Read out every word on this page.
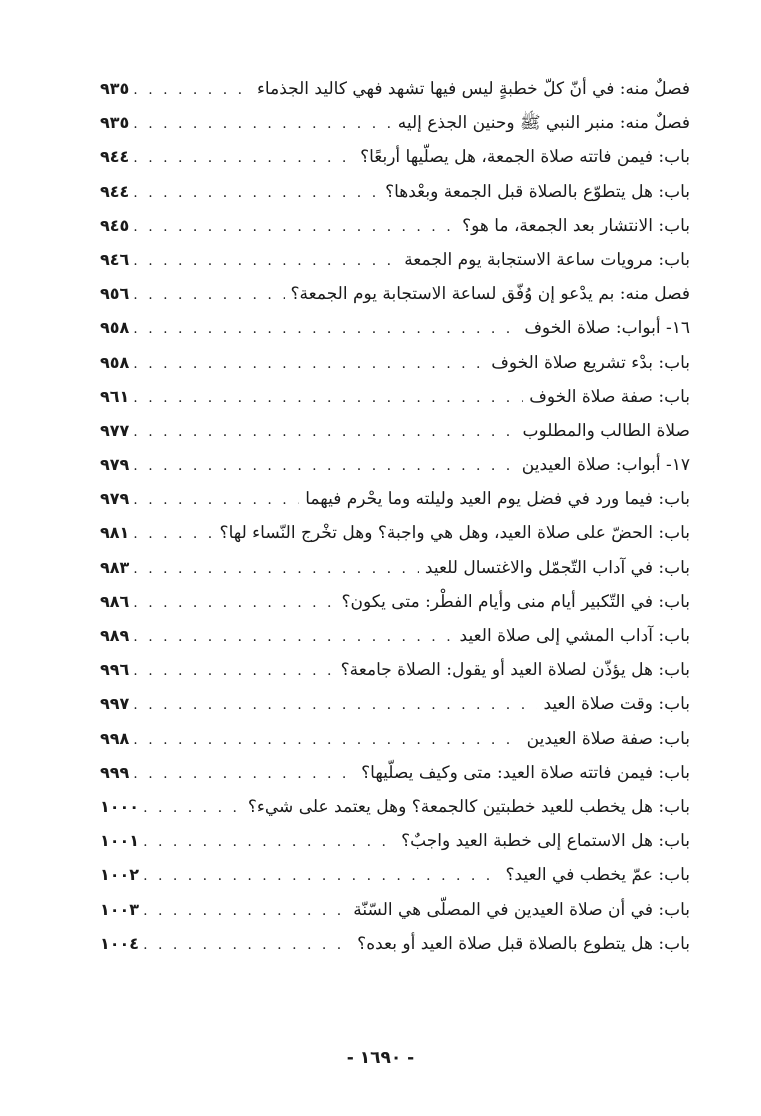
فصلٌ منه: في أنّ كلّ خطبةٍ ليس فيها تشهد فهي كاليد الجذماء
. . .
٩٣٥
فصلٌ منه: منبر النبي ﷺ وحنين الجذع إليه
. . .
٩٣٥
باب: فيمن فاتته صلاة الجمعة، هل يصلّيها أربعًا؟
. . .
٩٤٤
باب: هل يتطوّع بالصلاة قبل الجمعة وبعْدها؟
. . .
٩٤٤
باب: الانتشار بعد الجمعة، ما هو؟
. . .
٩٤٥
باب: مرويات ساعة الاستجابة يوم الجمعة
. . .
٩٤٦
فصل منه: بم يدْعو إن وُفّق لساعة الاستجابة يوم الجمعة؟
. . .
٩٥٦
١٦- أبواب: صلاة الخوف
. . .
٩٥٨
باب: بدْء تشريع صلاة الخوف
. . .
٩٥٨
باب: صفة صلاة الخوف
. . .
٩٦١
صلاة الطالب والمطلوب
. . .
٩٧٧
١٧- أبواب: صلاة العيدين
. . .
٩٧٩
باب: فيما ورد في فضل يوم العيد وليلته وما يحْرم فيهما
. . .
٩٧٩
باب: الحضّ على صلاة العيد، وهل هي واجبة؟ وهل تخْرج النّساء لها؟
. . .
٩٨١
باب: في آداب التّجمّل والاغتسال للعيد
. . .
٩٨٣
باب: في التّكبير أيام منى وأيام الفطْر: متى يكون؟
. . .
٩٨٦
باب: آداب المشي إلى صلاة العيد
. . .
٩٨٩
باب: هل يؤذّن لصلاة العيد أو يقول: الصلاة جامعة؟
. . .
٩٩٦
باب: وقت صلاة العيد
. . .
٩٩٧
باب: صفة صلاة العيدين
. . .
٩٩٨
باب: فيمن فاتته صلاة العيد: متى وكيف يصلّيها؟
. . .
٩٩٩
باب: هل يخطب للعيد خطبتين كالجمعة؟ وهل يعتمد على شيء؟
. . .
١٠٠٠
باب: هل الاستماع إلى خطبة العيد واجبٌ؟
. . .
١٠٠١
باب: عمّ يخطب في العيد؟
. . .
١٠٠٢
باب: في أن صلاة العيدين في المصلّى هي السّنّة
. . .
١٠٠٣
باب: هل يتطوع بالصلاة قبل صلاة العيد أو بعده؟
. . .
١٠٠٤
- ١٦٩٠ -
